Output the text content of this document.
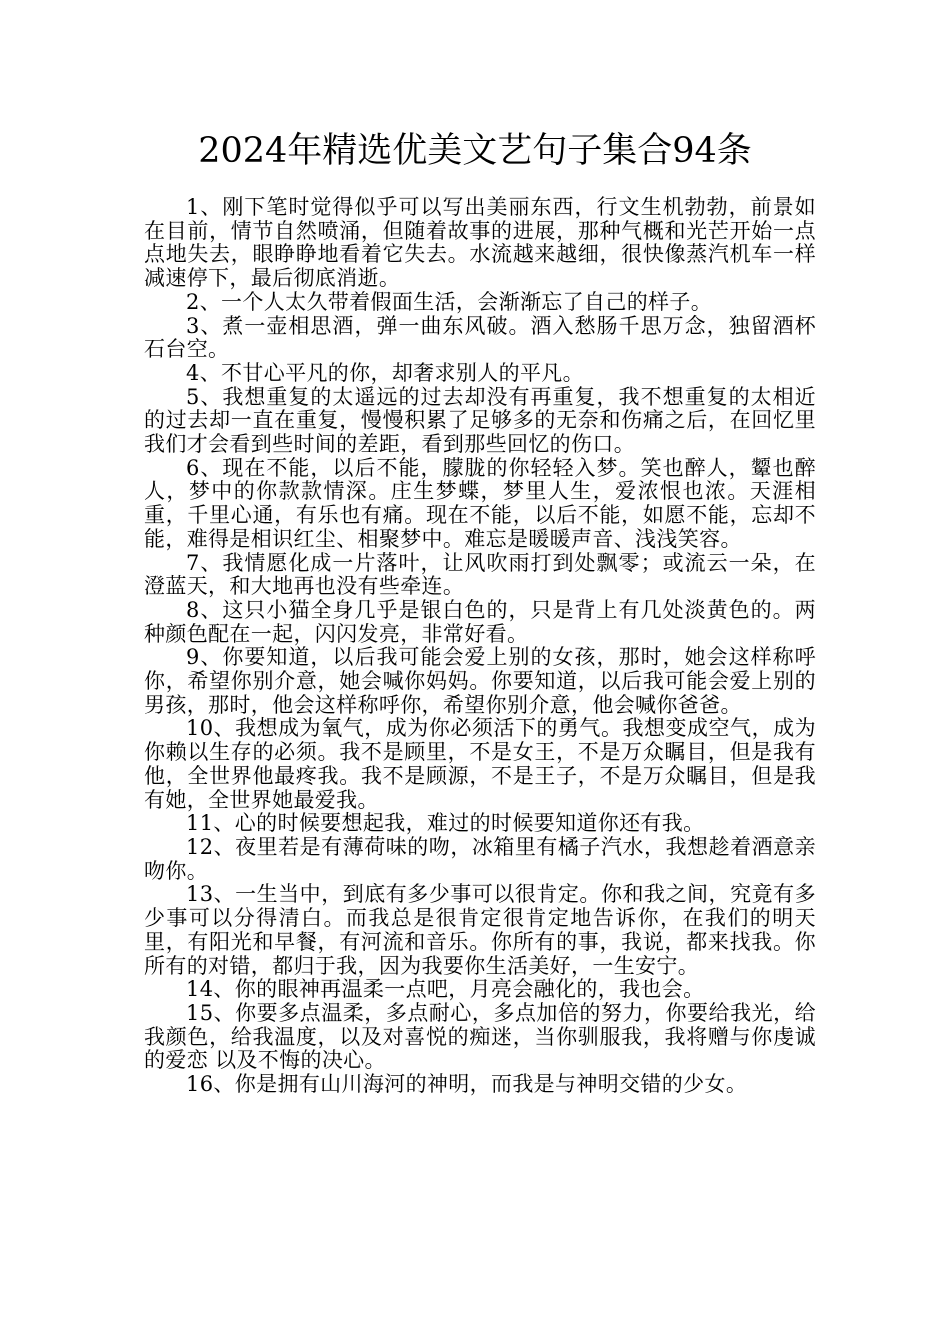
2024年精选优美文艺句子集合94条

1、刚下笔时觉得似乎可以写出美丽东西，行文生机勃勃，前景如在目前，情节自然喷涌，但随着故事的进展，那种气概和光芒开始一点点地失去，眼睁睁地看着它失去。水流越来越细，很快像蒸汽机车一样减速停下，最后彻底消逝。

2、一个人太久带着假面生活，会渐渐忘了自己的样子。

3、煮一壶相思酒，弹一曲东风破。酒入愁肠千思万念，独留酒杯石台空。

4、不甘心平凡的你，却奢求别人的平凡。

5、我想重复的太遥远的过去却没有再重复，我不想重复的太相近的过去却一直在重复，慢慢积累了足够多的无奈和伤痛之后，在回忆里我们才会看到些时间的差距，看到那些回忆的伤口。

6、现在不能，以后不能，朦胧的你轻轻入梦。笑也醉人，颦也醉人，梦中的你款款情深。庄生梦蝶，梦里人生，爱浓恨也浓。天涯相重，千里心通，有乐也有痛。现在不能，以后不能，如愿不能，忘却不能，难得是相识红尘、相聚梦中。难忘是暖暖声音、浅浅笑容。

7、我情愿化成一片落叶，让风吹雨打到处飘零；或流云一朵，在澄蓝天，和大地再也没有些牵连。

8、这只小猫全身几乎是银白色的，只是背上有几处淡黄色的。两种颜色配在一起，闪闪发亮，非常好看。

9、你要知道，以后我可能会爱上别的女孩，那时，她会这样称呼你，希望你别介意，她会喊你妈妈。你要知道，以后我可能会爱上别的男孩，那时，他会这样称呼你，希望你别介意，他会喊你爸爸。

10、我想成为氧气，成为你必须活下的勇气。我想变成空气，成为你赖以生存的必须。我不是顾里，不是女王，不是万众瞩目，但是我有他，全世界他最疼我。我不是顾源，不是王子，不是万众瞩目，但是我有她，全世界她最爱我。

11、心的时候要想起我，难过的时候要知道你还有我。

12、夜里若是有薄荷味的吻，冰箱里有橘子汽水，我想趁着酒意亲吻你。

13、一生当中，到底有多少事可以很肯定。你和我之间，究竟有多少事可以分得清白。而我总是很肯定很肯定地告诉你，在我们的明天里，有阳光和早餐，有河流和音乐。你所有的事，我说，都来找我。你所有的对错，都归于我，因为我要你生活美好，一生安宁。

14、你的眼神再温柔一点吧，月亮会融化的，我也会。

15、你要多点温柔，多点耐心，多点加倍的努力，你要给我光，给我颜色，给我温度，以及对喜悦的痴迷，当你驯服我，我将赠与你虔诚的爱恋 以及不悔的决心。

16、你是拥有山川海河的神明，而我是与神明交错的少女。
